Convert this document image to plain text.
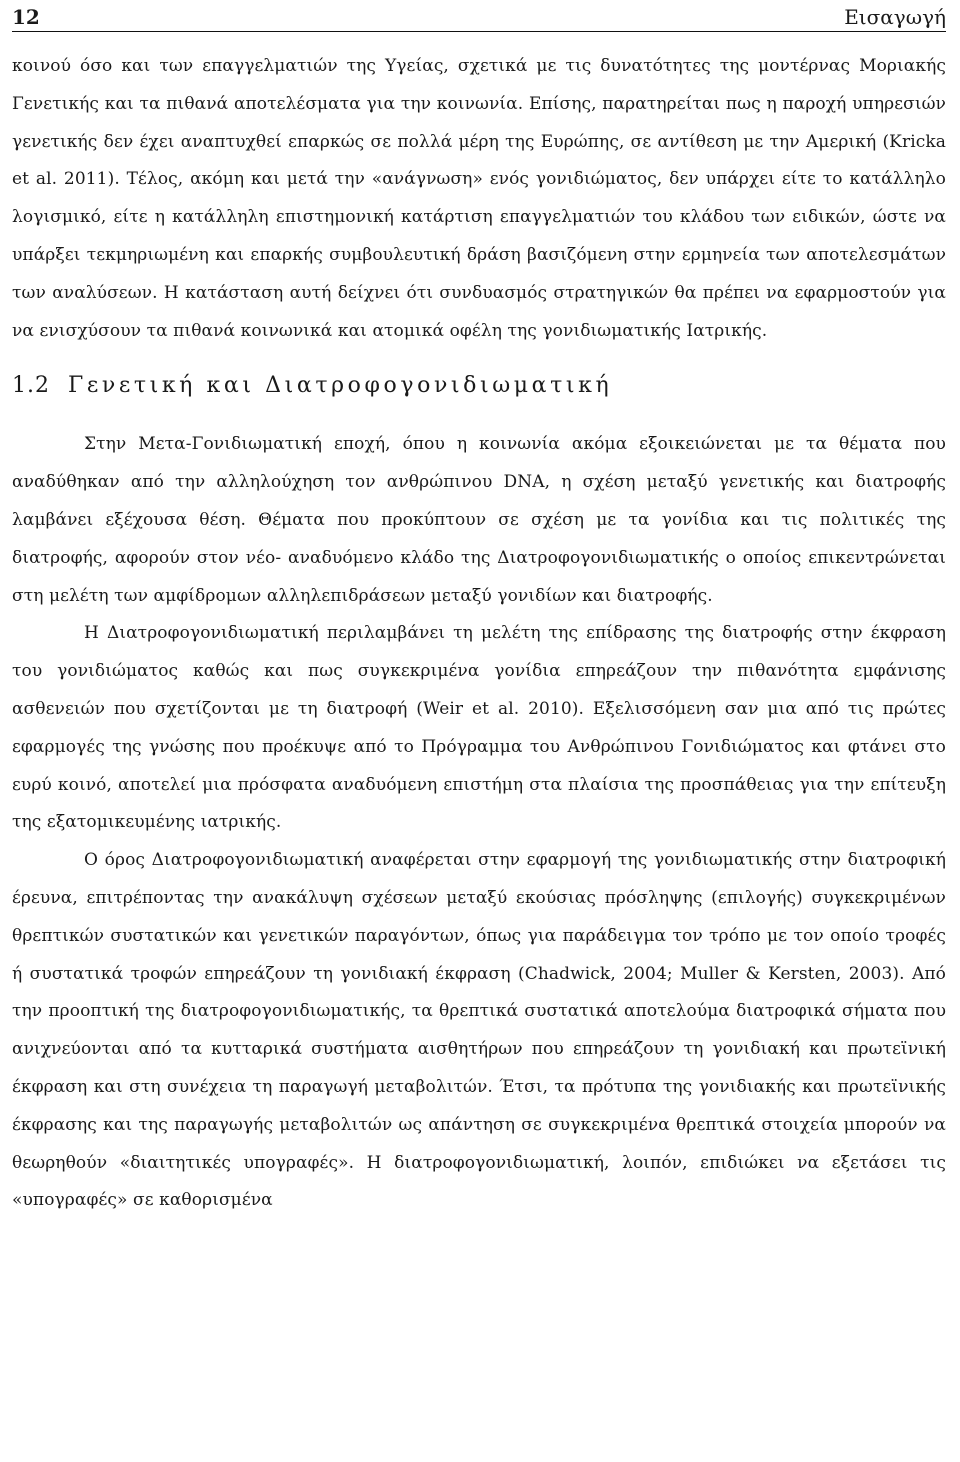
12	Εισαγωγή

κοινού όσο και των επαγγελματιών της Υγείας, σχετικά με τις δυνατότητες της μοντέρνας Μοριακής Γενετικής και τα πιθανά αποτελέσματα για την κοινωνία. Επίσης, παρατηρείται πως η παροχή υπηρεσιών γενετικής δεν έχει αναπτυχθεί επαρκώς σε πολλά μέρη της Ευρώπης, σε αντίθεση με την Αμερική (Kricka et al. 2011). Τέλος, ακόμη και μετά την «ανάγνωση» ενός γονιδιώματος, δεν υπάρχει είτε το κατάλληλο λογισμικό, είτε η κατάλληλη επιστημονική κατάρτιση επαγγελματιών του κλάδου των ειδικών, ώστε να υπάρξει τεκμηριωμένη και επαρκής συμβουλευτική δράση βασιζόμενη στην ερμηνεία των αποτελεσμάτων των αναλύσεων. Η κατάσταση αυτή δείχνει ότι συνδυασμός στρατηγικών θα πρέπει να εφαρμοστούν για να ενισχύσουν τα πιθανά κοινωνικά και ατομικά οφέλη της γονιδιωματικής Ιατρικής.

1.2 Γενετική και Διατροφογονιδιωματική

Στην Μετα-Γονιδιωματική εποχή, όπου η κοινωνία ακόμα εξοικειώνεται με τα θέματα που αναδύθηκαν από την αλληλούχηση τον ανθρώπινου DNA, η σχέση μεταξύ γενετικής και διατροφής λαμβάνει εξέχουσα θέση. Θέματα που προκύπτουν σε σχέση με τα γονίδια και τις πολιτικές της διατροφής, αφορούν στον νέο- αναδυόμενο κλάδο της Διατροφογονιδιωματικής ο οποίος επικεντρώνεται στη μελέτη των αμφίδρομων αλληλεπιδράσεων μεταξύ γονιδίων και διατροφής.

Η Διατροφογονιδιωματική περιλαμβάνει τη μελέτη της επίδρασης της διατροφής στην έκφραση του γονιδιώματος καθώς και πως συγκεκριμένα γονίδια επηρεάζουν την πιθανότητα εμφάνισης ασθενειών που σχετίζονται με τη διατροφή (Weir et al. 2010). Εξελισσόμενη σαν μια από τις πρώτες εφαρμογές της γνώσης που προέκυψε από το Πρόγραμμα του Ανθρώπινου Γονιδιώματος και φτάνει στο ευρύ κοινό, αποτελεί μια πρόσφατα αναδυόμενη επιστήμη στα πλαίσια της προσπάθειας για την επίτευξη της εξατομικευμένης ιατρικής.

Ο όρος Διατροφογονιδιωματική αναφέρεται στην εφαρμογή της γονιδιωματικής στην διατροφική έρευνα, επιτρέποντας την ανακάλυψη σχέσεων μεταξύ εκούσιας πρόσληψης (επιλογής) συγκεκριμένων θρεπτικών συστατικών και γενετικών παραγόντων, όπως για παράδειγμα τον τρόπο με τον οποίο τροφές ή συστατικά τροφών επηρεάζουν τη γονιδιακή έκφραση (Chadwick, 2004; Muller & Kersten, 2003). Από την προοπτική της διατροφογονιδιωματικής, τα θρεπτικά συστατικά αποτελούμα διατροφικά σήματα που ανιχνεύονται από τα κυτταρικά συστήματα αισθητήρων που επηρεάζουν τη γονιδιακή και πρωτεϊνική έκφραση και στη συνέχεια τη παραγωγή μεταβολιτών. Έτσι, τα πρότυπα της γονιδιακής και πρωτεϊνικής έκφρασης και της παραγωγής μεταβολιτών ως απάντηση σε συγκεκριμένα θρεπτικά στοιχεία μπορούν να θεωρηθούν «διαιτητικές υπογραφές». Η διατροφογονιδιωματική, λοιπόν, επιδιώκει να εξετάσει τις «υπογραφές» σε καθορισμένα
